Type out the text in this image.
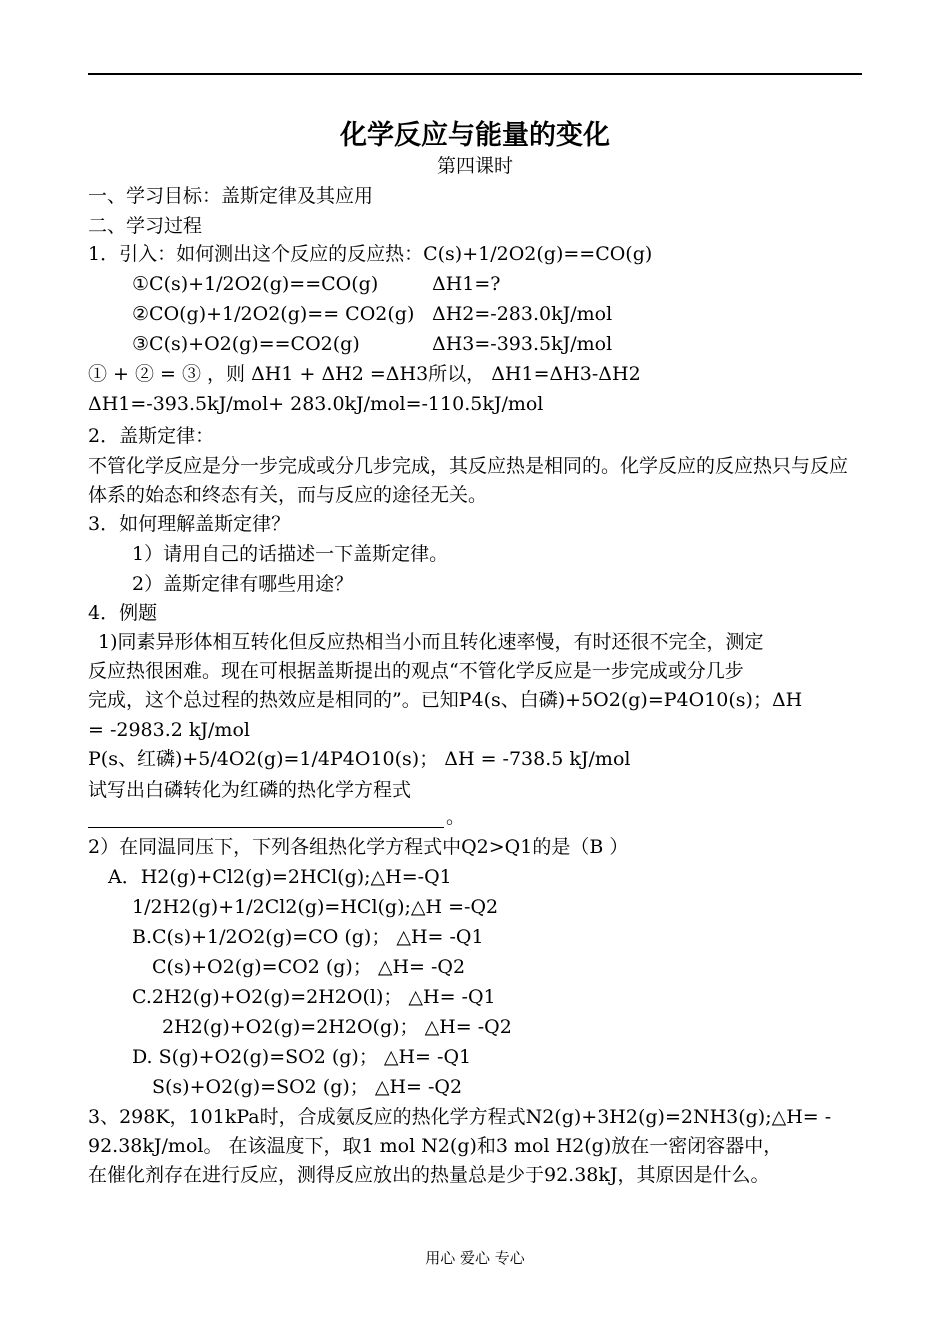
化学反应与能量的变化
第四课时
一、学习目标：盖斯定律及其应用
二、学习过程
1．引入：如何测出这个反应的反应热：C(s)+1/2O2(g)==CO(g)
①C(s)+1/2O2(g)==CO(g)	ΔH1=?
②CO(g)+1/2O2(g)== CO2(g) ΔH2=-283.0kJ/mol
③C(s)+O2(g)==CO2(g)	ΔH3=-393.5kJ/mol
① + ② = ③ ，则 ΔH1 + ΔH2 =ΔH3所以， ΔH1=ΔH3-ΔH2
ΔH1=-393.5kJ/mol+ 283.0kJ/mol=-110.5kJ/mol
2．盖斯定律：
不管化学反应是分一步完成或分几步完成，其反应热是相同的。化学反应的反应热只与反应体系的始态和终态有关，而与反应的途径无关。
3．如何理解盖斯定律？
1）请用自己的话描述一下盖斯定律。
2）盖斯定律有哪些用途？
4．例题
1)同素异形体相互转化但反应热相当小而且转化速率慢，有时还很不完全，测定
反应热很困难。现在可根据盖斯提出的观点“不管化学反应是一步完成或分几步
完成，这个总过程的热效应是相同的”。已知P4(s、白磷)+5O2(g)=P4O10(s)；ΔH
= -2983.2 kJ/mol
P(s、红磷)+5/4O2(g)=1/4P4O10(s)； ΔH = -738.5 kJ/mol
试写出白磷转化为红磷的热化学方程式
。
2）在同温同压下，下列各组热化学方程式中Q2>Q1的是（B ）
A．H2(g)+Cl2(g)=2HCl(g);△H=-Q1
1/2H2(g)+1/2Cl2(g)=HCl(g);△H =-Q2
B.C(s)+1/2O2(g)=CO (g)； △H= -Q1
C(s)+O2(g)=CO2 (g)； △H= -Q2
C.2H2(g)+O2(g)=2H2O(l)； △H= -Q1
2H2(g)+O2(g)=2H2O(g)； △H= -Q2
D. S(g)+O2(g)=SO2 (g)； △H= -Q1
S(s)+O2(g)=SO2 (g)； △H= -Q2
3、298K，101kPa时，合成氨反应的热化学方程式N2(g)+3H2(g)=2NH3(g);△H= -
92.38kJ/mol。 在该温度下，取1 mol N2(g)和3 mol H2(g)放在一密闭容器中，
在催化剂存在进行反应，测得反应放出的热量总是少于92.38kJ，其原因是什么。
用心 爱心 专心
